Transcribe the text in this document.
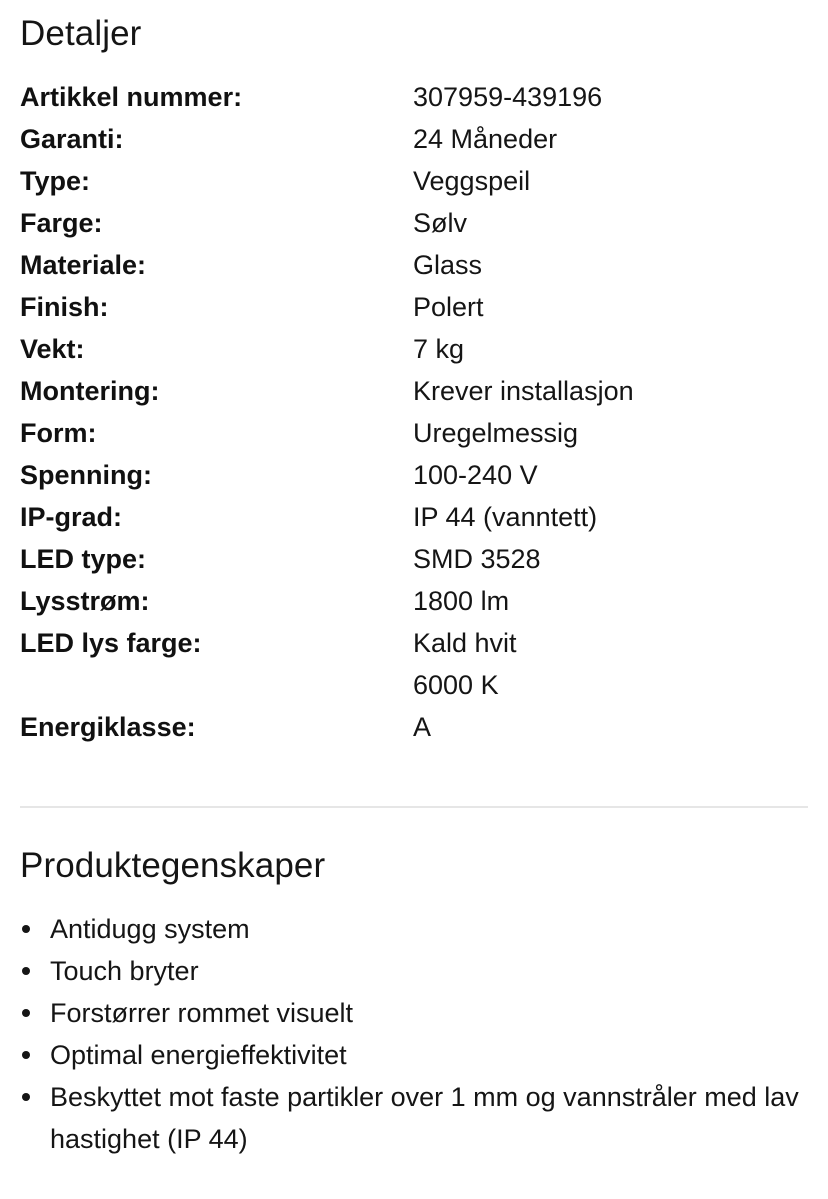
Detaljer
Artikkel nummer:	307959-439196
Garanti:	24 Måneder
Type:	Veggspeil
Farge:	Sølv
Materiale:	Glass
Finish:	Polert
Vekt:	7 kg
Montering:	Krever installasjon
Form:	Uregelmessig
Spenning:	100-240 V
IP-grad:	IP 44 (vanntett)
LED type:	SMD 3528
Lysstrøm:	1800 lm
LED lys farge:	Kald hvit
6000 K
Energiklasse:	A
Produktegenskaper
Antidugg system
Touch bryter
Forstørrer rommet visuelt
Optimal energieffektivitet
Beskyttet mot faste partikler over 1 mm og vannstråler med lav hastighet (IP 44)
